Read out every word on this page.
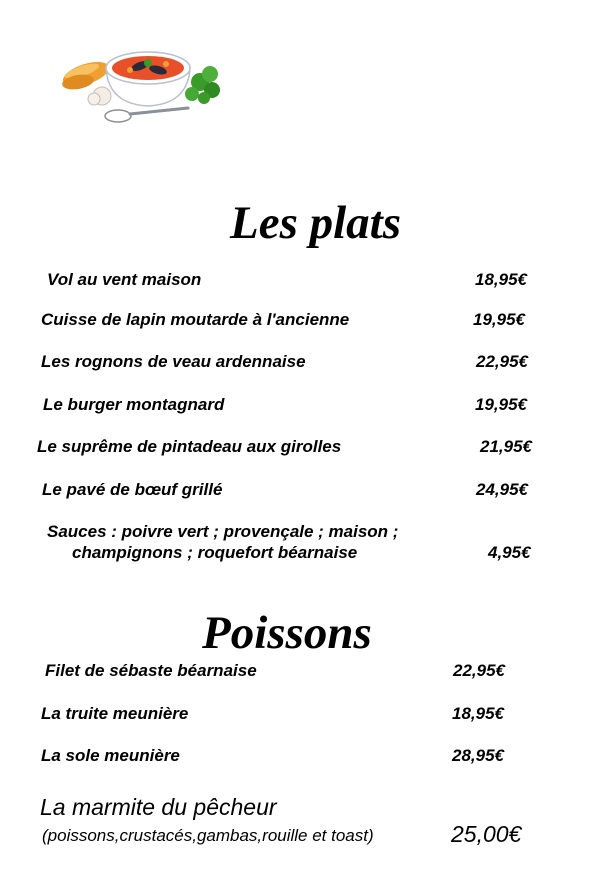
Les plats
Vol au vent maison	18,95€
Cuisse de lapin moutarde à l'ancienne	19,95€
Les rognons de veau ardennaise	22,95€
Le burger montagnard	19,95€
Le suprême de pintadeau aux girolles	21,95€
Le pavé de bœuf grillé	24,95€
Sauces : poivre vert ; provençale ; maison ;
champignons ; roquefort béarnaise	4,95€
Poissons
Filet de sébaste béarnaise	22,95€
La truite meunière	18,95€
La sole meunière	28,95€
La marmite du pêcheur
(poissons,crustacés,gambas,rouille et toast)	25,00€
